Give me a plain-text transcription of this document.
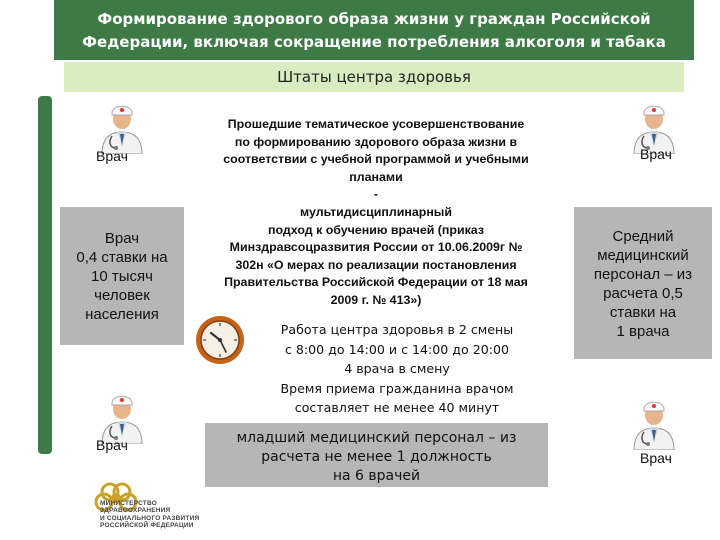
Формирование здорового образа жизни у граждан Российской
Федерации, включая сокращение потребления алкоголя и табака
Штаты центра здоровья
Врач
Врач
Врач
Врач
Врач
0,4 ставки на
10 тысяч
человек
населения
Средний
медицинский
персонал – из
расчета 0,5
ставки на
1 врача
Прошедшие тематическое усовершенствование
по формированию здорового образа жизни в
соответствии с учебной программой и учебными
планами
-
мультидисциплинарный
подход к обучению врачей (приказ
Минздравсоцразвития России от 10.06.2009г №
302н «О мерах по реализации постановления
Правительства Российской Федерации от 18 мая
2009 г. № 413»)
Работа центра здоровья в 2 смены
с 8:00 до 14:00 и с 14:00 до 20:00
4 врача в смену
Время приема гражданина врачом
составляет не менее 40 минут
младший медицинский персонал – из
расчета не менее 1 должность
на 6 врачей
МИНИСТЕРСТВО
ЗДРАВООХРАНЕНИЯ
И СОЦИАЛЬНОГО РАЗВИТИЯ
РОССИЙСКОЙ ФЕДЕРАЦИИ
